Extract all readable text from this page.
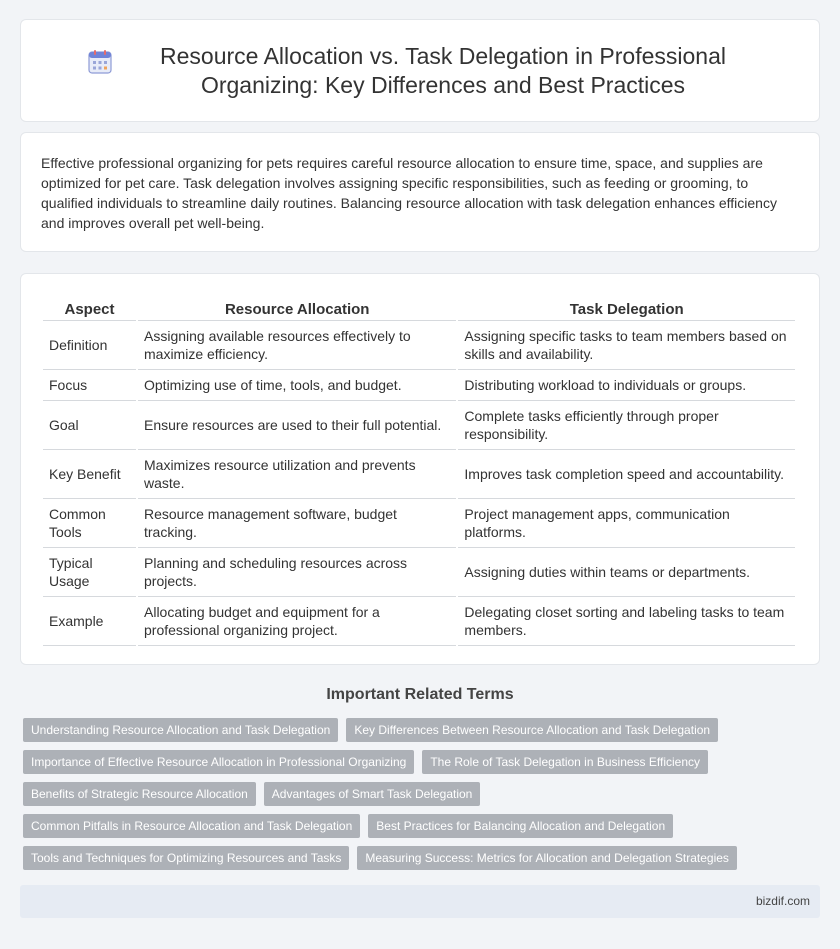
Resource Allocation vs. Task Delegation in Professional Organizing: Key Differences and Best Practices

Effective professional organizing for pets requires careful resource allocation to ensure time, space, and supplies are optimized for pet care. Task delegation involves assigning specific responsibilities, such as feeding or grooming, to qualified individuals to streamline daily routines. Balancing resource allocation with task delegation enhances efficiency and improves overall pet well-being.

Aspect	Resource Allocation	Task Delegation
Definition	Assigning available resources effectively to maximize efficiency.	Assigning specific tasks to team members based on skills and availability.
Focus	Optimizing use of time, tools, and budget.	Distributing workload to individuals or groups.
Goal	Ensure resources are used to their full potential.	Complete tasks efficiently through proper responsibility.
Key Benefit	Maximizes resource utilization and prevents waste.	Improves task completion speed and accountability.
Common Tools	Resource management software, budget tracking.	Project management apps, communication platforms.
Typical Usage	Planning and scheduling resources across projects.	Assigning duties within teams or departments.
Example	Allocating budget and equipment for a professional organizing project.	Delegating closet sorting and labeling tasks to team members.
Important Related Terms
Understanding Resource Allocation and Task Delegation	Key Differences Between Resource Allocation and Task Delegation
Importance of Effective Resource Allocation in Professional Organizing	The Role of Task Delegation in Business Efficiency
Benefits of Strategic Resource Allocation	Advantages of Smart Task Delegation
Common Pitfalls in Resource Allocation and Task Delegation	Best Practices for Balancing Allocation and Delegation
Tools and Techniques for Optimizing Resources and Tasks	Measuring Success: Metrics for Allocation and Delegation Strategies
bizdif.com
